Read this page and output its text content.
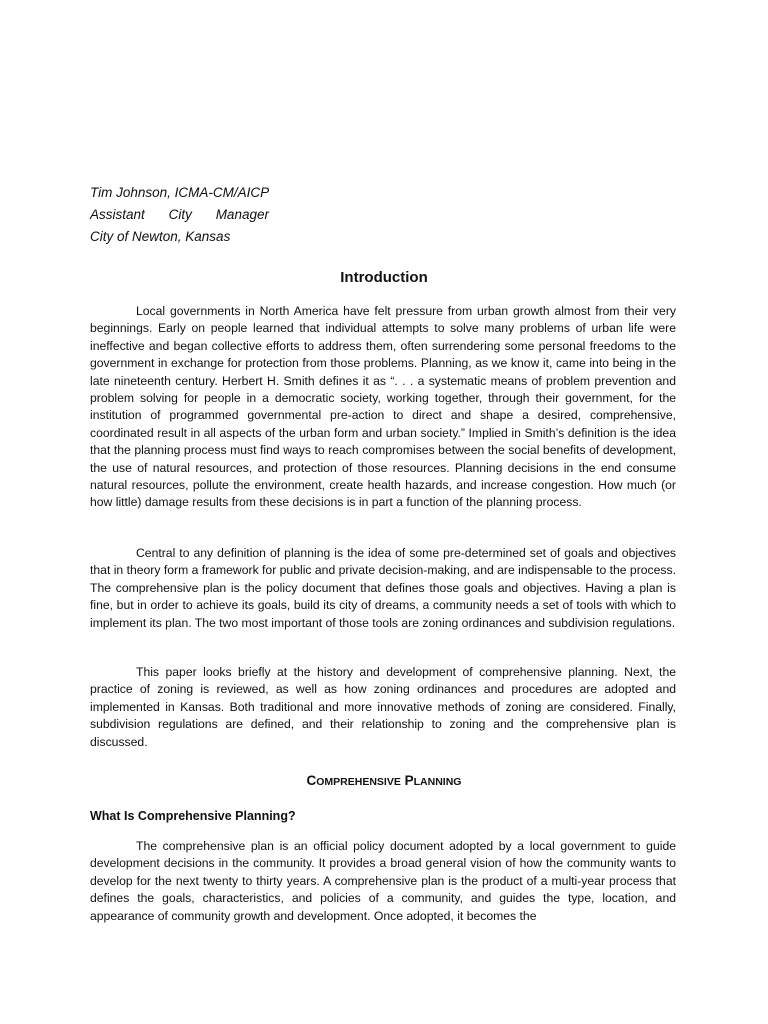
Tim Johnson, ICMA-CM/AICP
Assistant City Manager
City of Newton, Kansas
Introduction

Local governments in North America have felt pressure from urban growth almost from their very beginnings. Early on people learned that individual attempts to solve many problems of urban life were ineffective and began collective efforts to address them, often surrendering some personal freedoms to the government in exchange for protection from those problems. Planning, as we know it, came into being in the late nineteenth century. Herbert H. Smith defines it as “. . . a systematic means of problem prevention and problem solving for people in a democratic society, working together, through their government, for the institution of programmed governmental pre-action to direct and shape a desired, comprehensive, coordinated result in all aspects of the urban form and urban society.” Implied in Smith’s definition is the idea that the planning process must find ways to reach compromises between the social benefits of development, the use of natural resources, and protection of those resources. Planning decisions in the end consume natural resources, pollute the environment, create health hazards, and increase congestion. How much (or how little) damage results from these decisions is in part a function of the planning process.

Central to any definition of planning is the idea of some pre-determined set of goals and objectives that in theory form a framework for public and private decision-making, and are indispensable to the process. The comprehensive plan is the policy document that defines those goals and objectives. Having a plan is fine, but in order to achieve its goals, build its city of dreams, a community needs a set of tools with which to implement its plan. The two most important of those tools are zoning ordinances and subdivision regulations.

This paper looks briefly at the history and development of comprehensive planning. Next, the practice of zoning is reviewed, as well as how zoning ordinances and procedures are adopted and implemented in Kansas. Both traditional and more innovative methods of zoning are considered. Finally, subdivision regulations are defined, and their relationship to zoning and the comprehensive plan is discussed.

COMPREHENSIVE PLANNING
What Is Comprehensive Planning?

The comprehensive plan is an official policy document adopted by a local government to guide development decisions in the community. It provides a broad general vision of how the community wants to develop for the next twenty to thirty years. A comprehensive plan is the product of a multi-year process that defines the goals, characteristics, and policies of a community, and guides the type, location, and appearance of community growth and development. Once adopted, it becomes the
